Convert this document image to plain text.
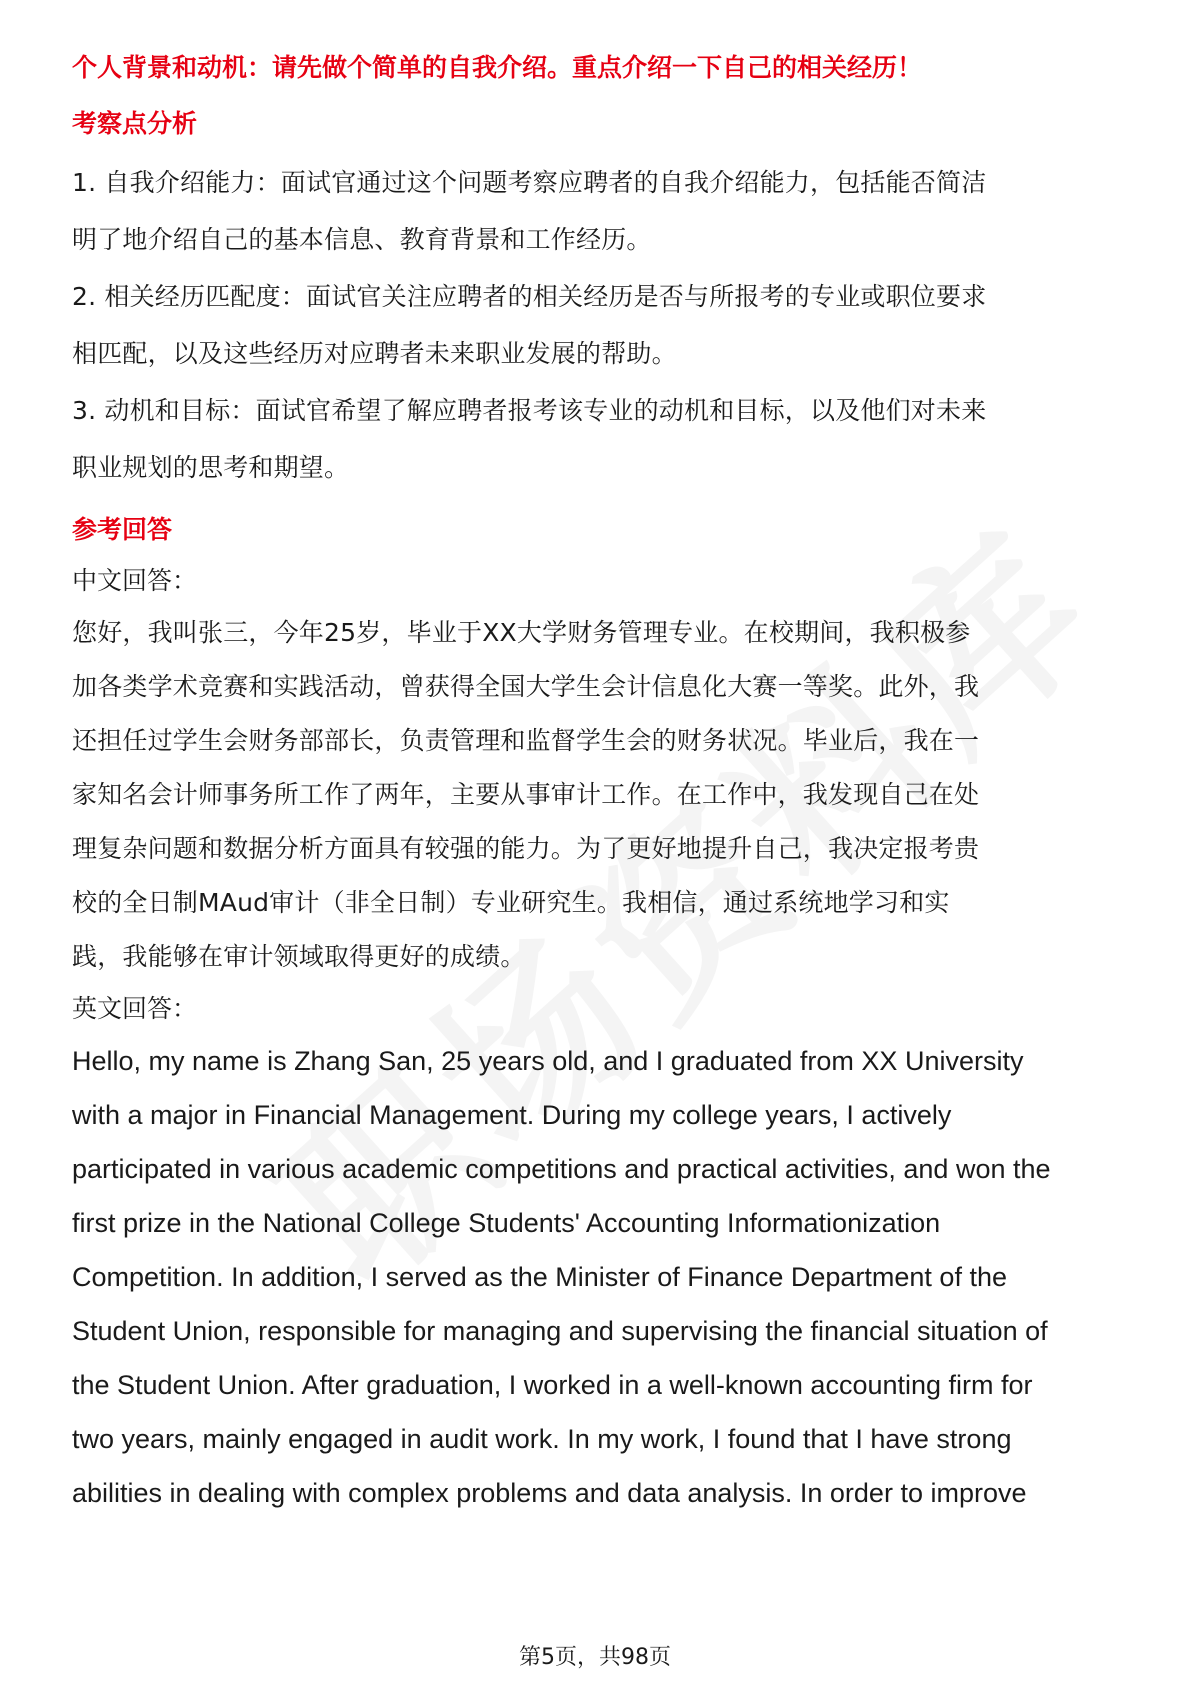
个人背景和动机：请先做个简单的自我介绍。重点介绍一下自己的相关经历！

考察点分析

1. 自我介绍能力：面试官通过这个问题考察应聘者的自我介绍能力，包括能否简洁
明了地介绍自己的基本信息、教育背景和工作经历。

2. 相关经历匹配度：面试官关注应聘者的相关经历是否与所报考的专业或职位要求
相匹配，以及这些经历对应聘者未来职业发展的帮助。

3. 动机和目标：面试官希望了解应聘者报考该专业的动机和目标，以及他们对未来
职业规划的思考和期望。

参考回答

中文回答：

您好，我叫张三，今年25岁，毕业于XX大学财务管理专业。在校期间，我积极参
加各类学术竞赛和实践活动，曾获得全国大学生会计信息化大赛一等奖。此外，我
还担任过学生会财务部部长，负责管理和监督学生会的财务状况。毕业后，我在一
家知名会计师事务所工作了两年，主要从事审计工作。在工作中，我发现自己在处
理复杂问题和数据分析方面具有较强的能力。为了更好地提升自己，我决定报考贵
校的全日制MAud审计（非全日制）专业研究生。我相信，通过系统地学习和实
践，我能够在审计领域取得更好的成绩。

英文回答：

Hello, my name is Zhang San, 25 years old, and I graduated from XX University
with a major in Financial Management. During my college years, I actively
participated in various academic competitions and practical activities, and won the
first prize in the National College Students' Accounting Informationization
Competition. In addition, I served as the Minister of Finance Department of the
Student Union, responsible for managing and supervising the financial situation of
the Student Union. After graduation, I worked in a well-known accounting firm for
two years, mainly engaged in audit work. In my work, I found that I have strong
abilities in dealing with complex problems and data analysis. In order to improve

第5页，共98页
